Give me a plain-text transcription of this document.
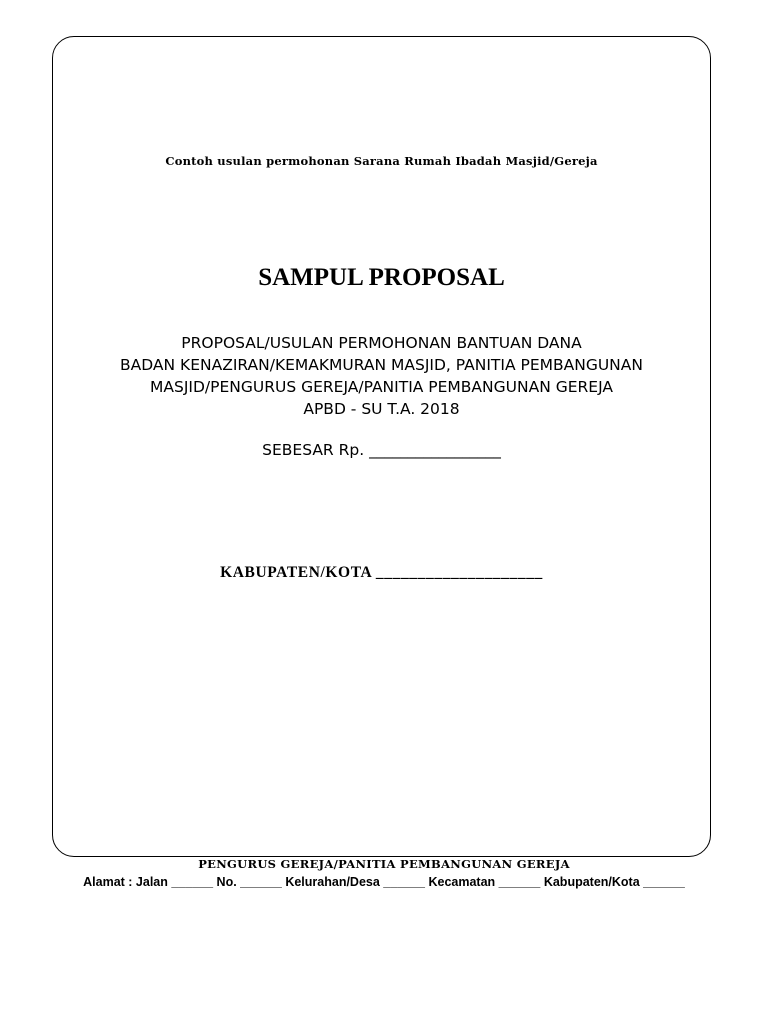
Contoh usulan permohonan Sarana Rumah Ibadah Masjid/Gereja
SAMPUL PROPOSAL
PROPOSAL/USULAN PERMOHONAN BANTUAN DANA
BADAN KENAZIRAN/KEMAKMURAN MASJID, PANITIA PEMBANGUNAN
MASJID/PENGURUS GEREJA/PANITIA PEMBANGUNAN GEREJA
APBD - SU T.A. 2018
SEBESAR Rp. _________________
KABUPATEN/KOTA ____________________
PENGURUS GEREJA/PANITIA PEMBANGUNAN GEREJA
Alamat : Jalan ______ No. ______ Kelurahan/Desa ______ Kecamatan ______ Kabupaten/Kota ______
